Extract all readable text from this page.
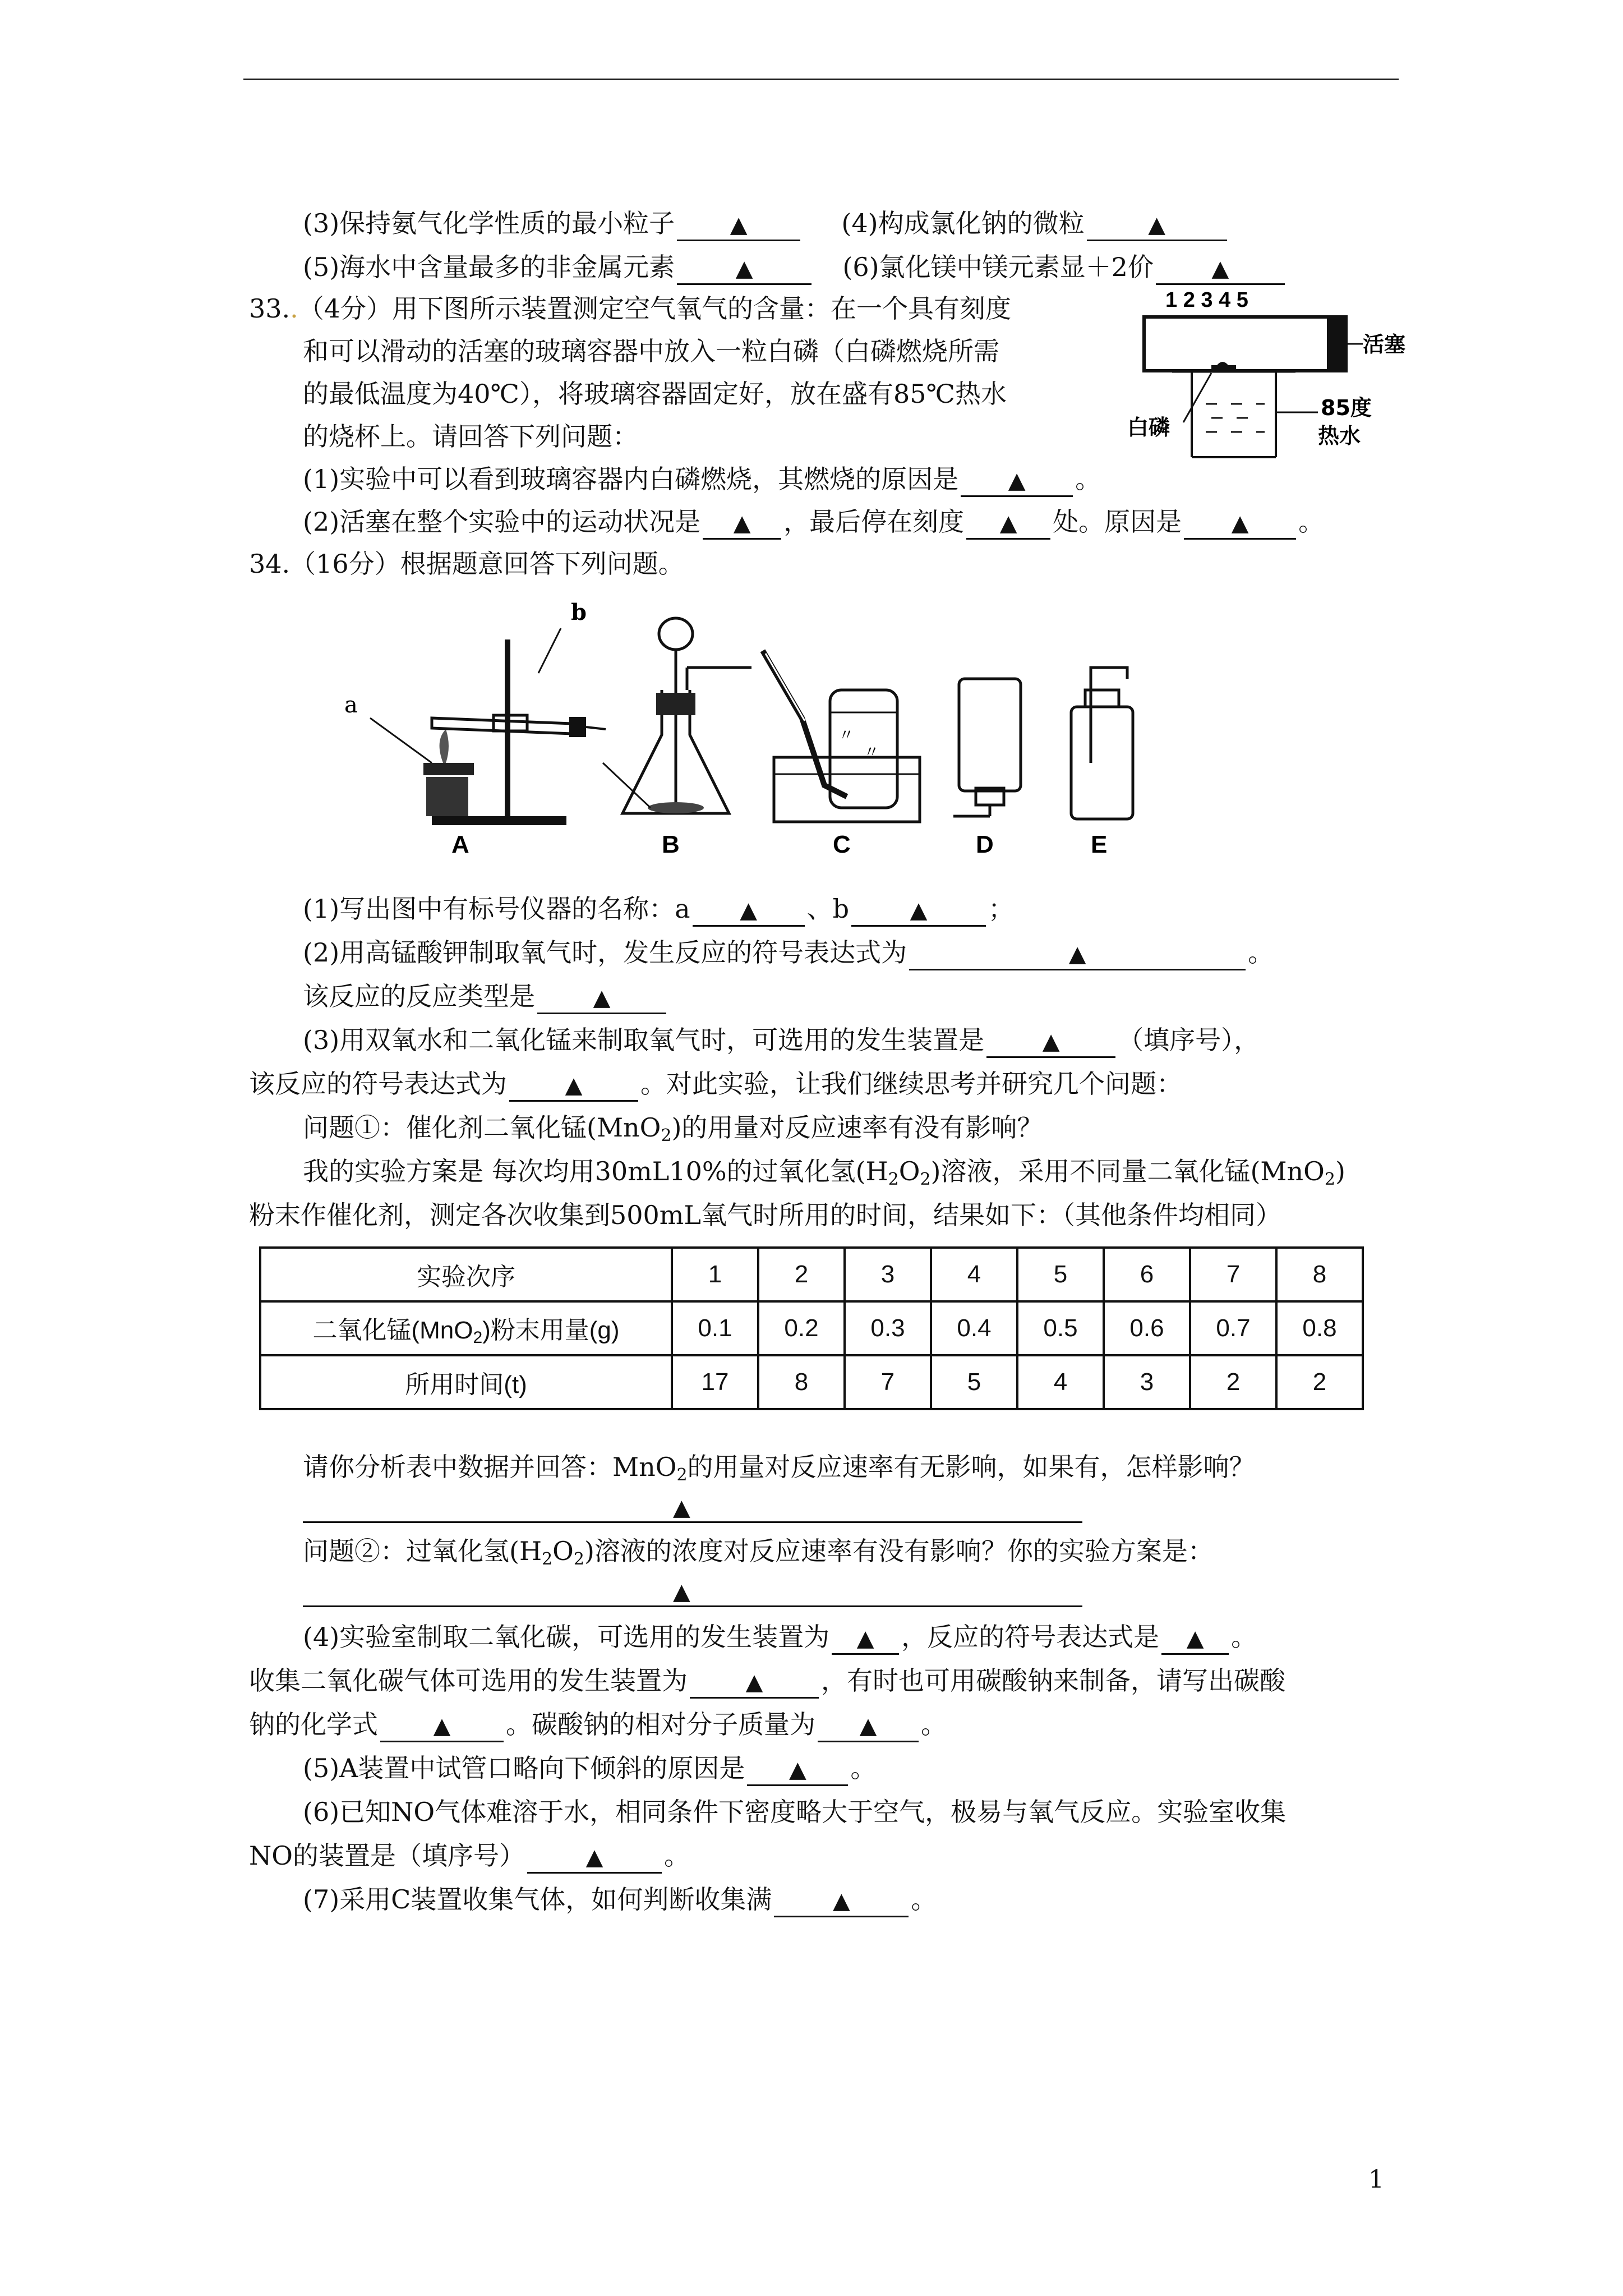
(3)保持氨气化学性质的最小粒子 ▲	(4)构成氯化钠的微粒	▲
(5)海水中含量最多的非金属元素	▲	(6)氯化镁中镁元素显＋2价	▲
33..（4分）用下图所示装置测定空气氧气的含量：在一个具有刻度
和可以滑动的活塞的玻璃容器中放入一粒白磷（白磷燃烧所需
的最低温度为40℃），将玻璃容器固定好，放在盛有85℃热水
的烧杯上。请回答下列问题：
(1)实验中可以看到玻璃容器内白磷燃烧，其燃烧的原因是 ▲ 。
(2)活塞在整个实验中的运动状况是 ▲ ，最后停在刻度 ▲ 处。原因是 ▲ 。
1 2 3 4 5
活塞
白磷
85度
热水
34.（16分）根据题意回答下列问题。
a
b
A	B
〃
〃
C	D	E
(1)写出图中有标号仪器的名称：a ▲ 、b	▲ ；
(2)用高锰酸钾制取氧气时，发生反应的符号表达式为	▲	。
该反应的反应类型是	▲
(3)用双氧水和二氧化锰来制取氧气时，可选用的发生装置是	▲ （填序号），
该反应的符号表达式为	▲ 。对此实验，让我们继续思考并研究几个问题：
问题①：催化剂二氧化锰(MnO$_2$)的用量对反应速率有没有影响？
我的实验方案是 每次均用30mL10%的过氧化氢$(H_2O_2)$溶液，采用不同量二氧化锰(MnO$_2$)
粉末作催化剂，测定各次收集到500mL氧气时所用的时间，结果如下：（其他条件均相同）
实验次序	1	2	3	4	5	6	7	8
二氧化锰(MnO$_2$)粉末用量(g)	0.1	0.2	0.3	0.4	0.5	0.6	0.7	0.8
所用时间(t)	17	8	7	5	4	3	2	2
请你分析表中数据并回答：MnO$_2$的用量对反应速率有无影响，如果有，怎样影响？
▲
问题②：过氧化氢$(H_2O_2)$溶液的浓度对反应速率有没有影响？你的实验方案是：
▲
(4)实验室制取二氧化碳，可选用的发生装置为 ▲ ，反应的符号表达式是 ▲ 。
收集二氧化碳气体可选用的发生装置为	▲ ，有时也可用碳酸钠来制备，请写出碳酸
钠的化学式 ▲ 。碳酸钠的相对分子质量为 ▲ 。
(5)A装置中试管口略向下倾斜的原因是 ▲ 。
(6)已知NO气体难溶于水，相同条件下密度略大于空气，极易与氧气反应。实验室收集
NO的装置是（填序号）	▲ 。
(7)采用C装置收集气体，如何判断收集满	▲ 。
1
